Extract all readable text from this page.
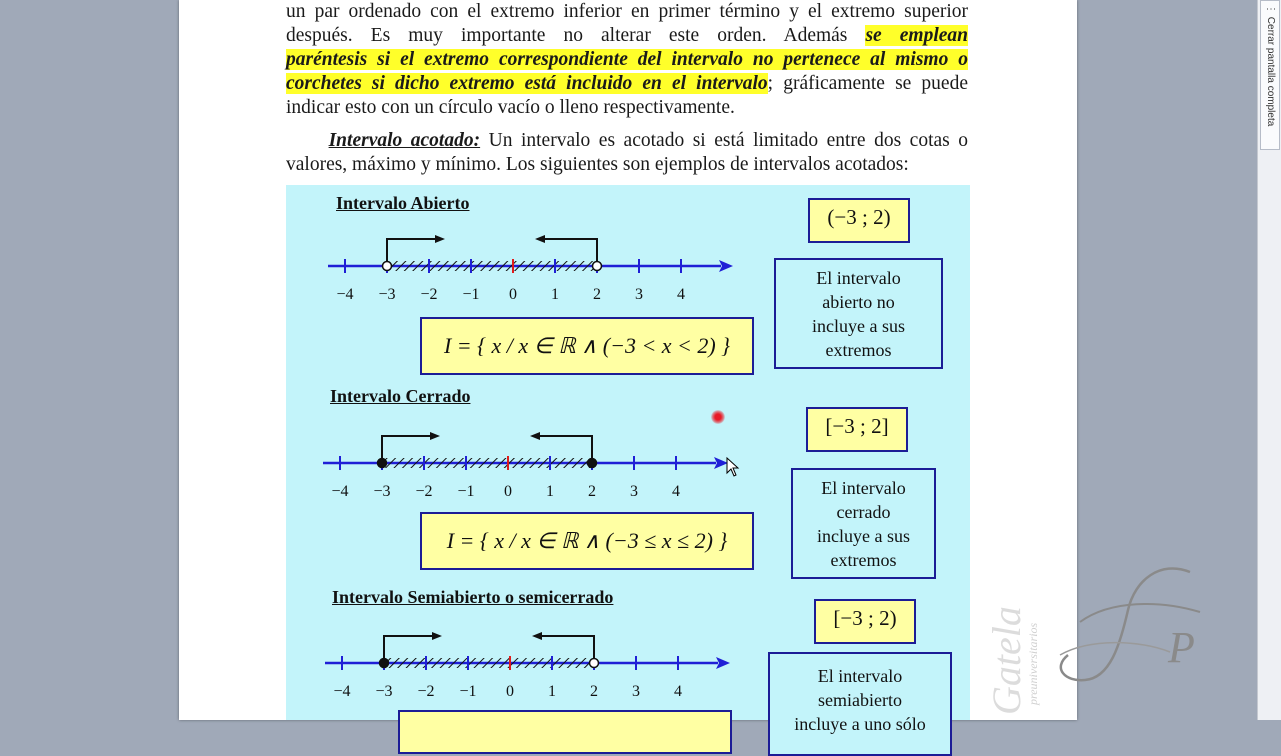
un par ordenado con el extremo inferior en primer término y el extremo superior
después. Es muy importante no alterar este orden. Además se emplean
paréntesis si el extremo correspondiente del intervalo no pertenece al mismo o
corchetes si dicho extremo está incluido en el intervalo; gráficamente se puede
indicar esto con un círculo vacío o lleno respectivamente.
Intervalo acotado: Un intervalo es acotado si está limitado entre dos cotas o
valores, máximo y mínimo. Los siguientes son ejemplos de intervalos acotados:
Intervalo Abierto
(−3 ; 2)
El intervalo
abierto no
incluye a sus
extremos
I = { x / x ∈ ℝ ∧ (−3 < x < 2) }
−4 −3 −2 −1 0 1 2 3 4
Intervalo Cerrado
[−3 ; 2]
El intervalo
cerrado
incluye a sus
extremos
I = { x / x ∈ ℝ ∧ (−3 ≤ x ≤ 2) }
−4 −3 −2 −1 0 1 2 3 4
Intervalo Semiabierto o semicerrado
[−3 ; 2)
El intervalo
semiabierto
incluye a uno sólo
−4 −3 −2 −1 0 1 2 3 4	Gatela
preuniversitarios	P
⋮ Cerrar pantalla completa
